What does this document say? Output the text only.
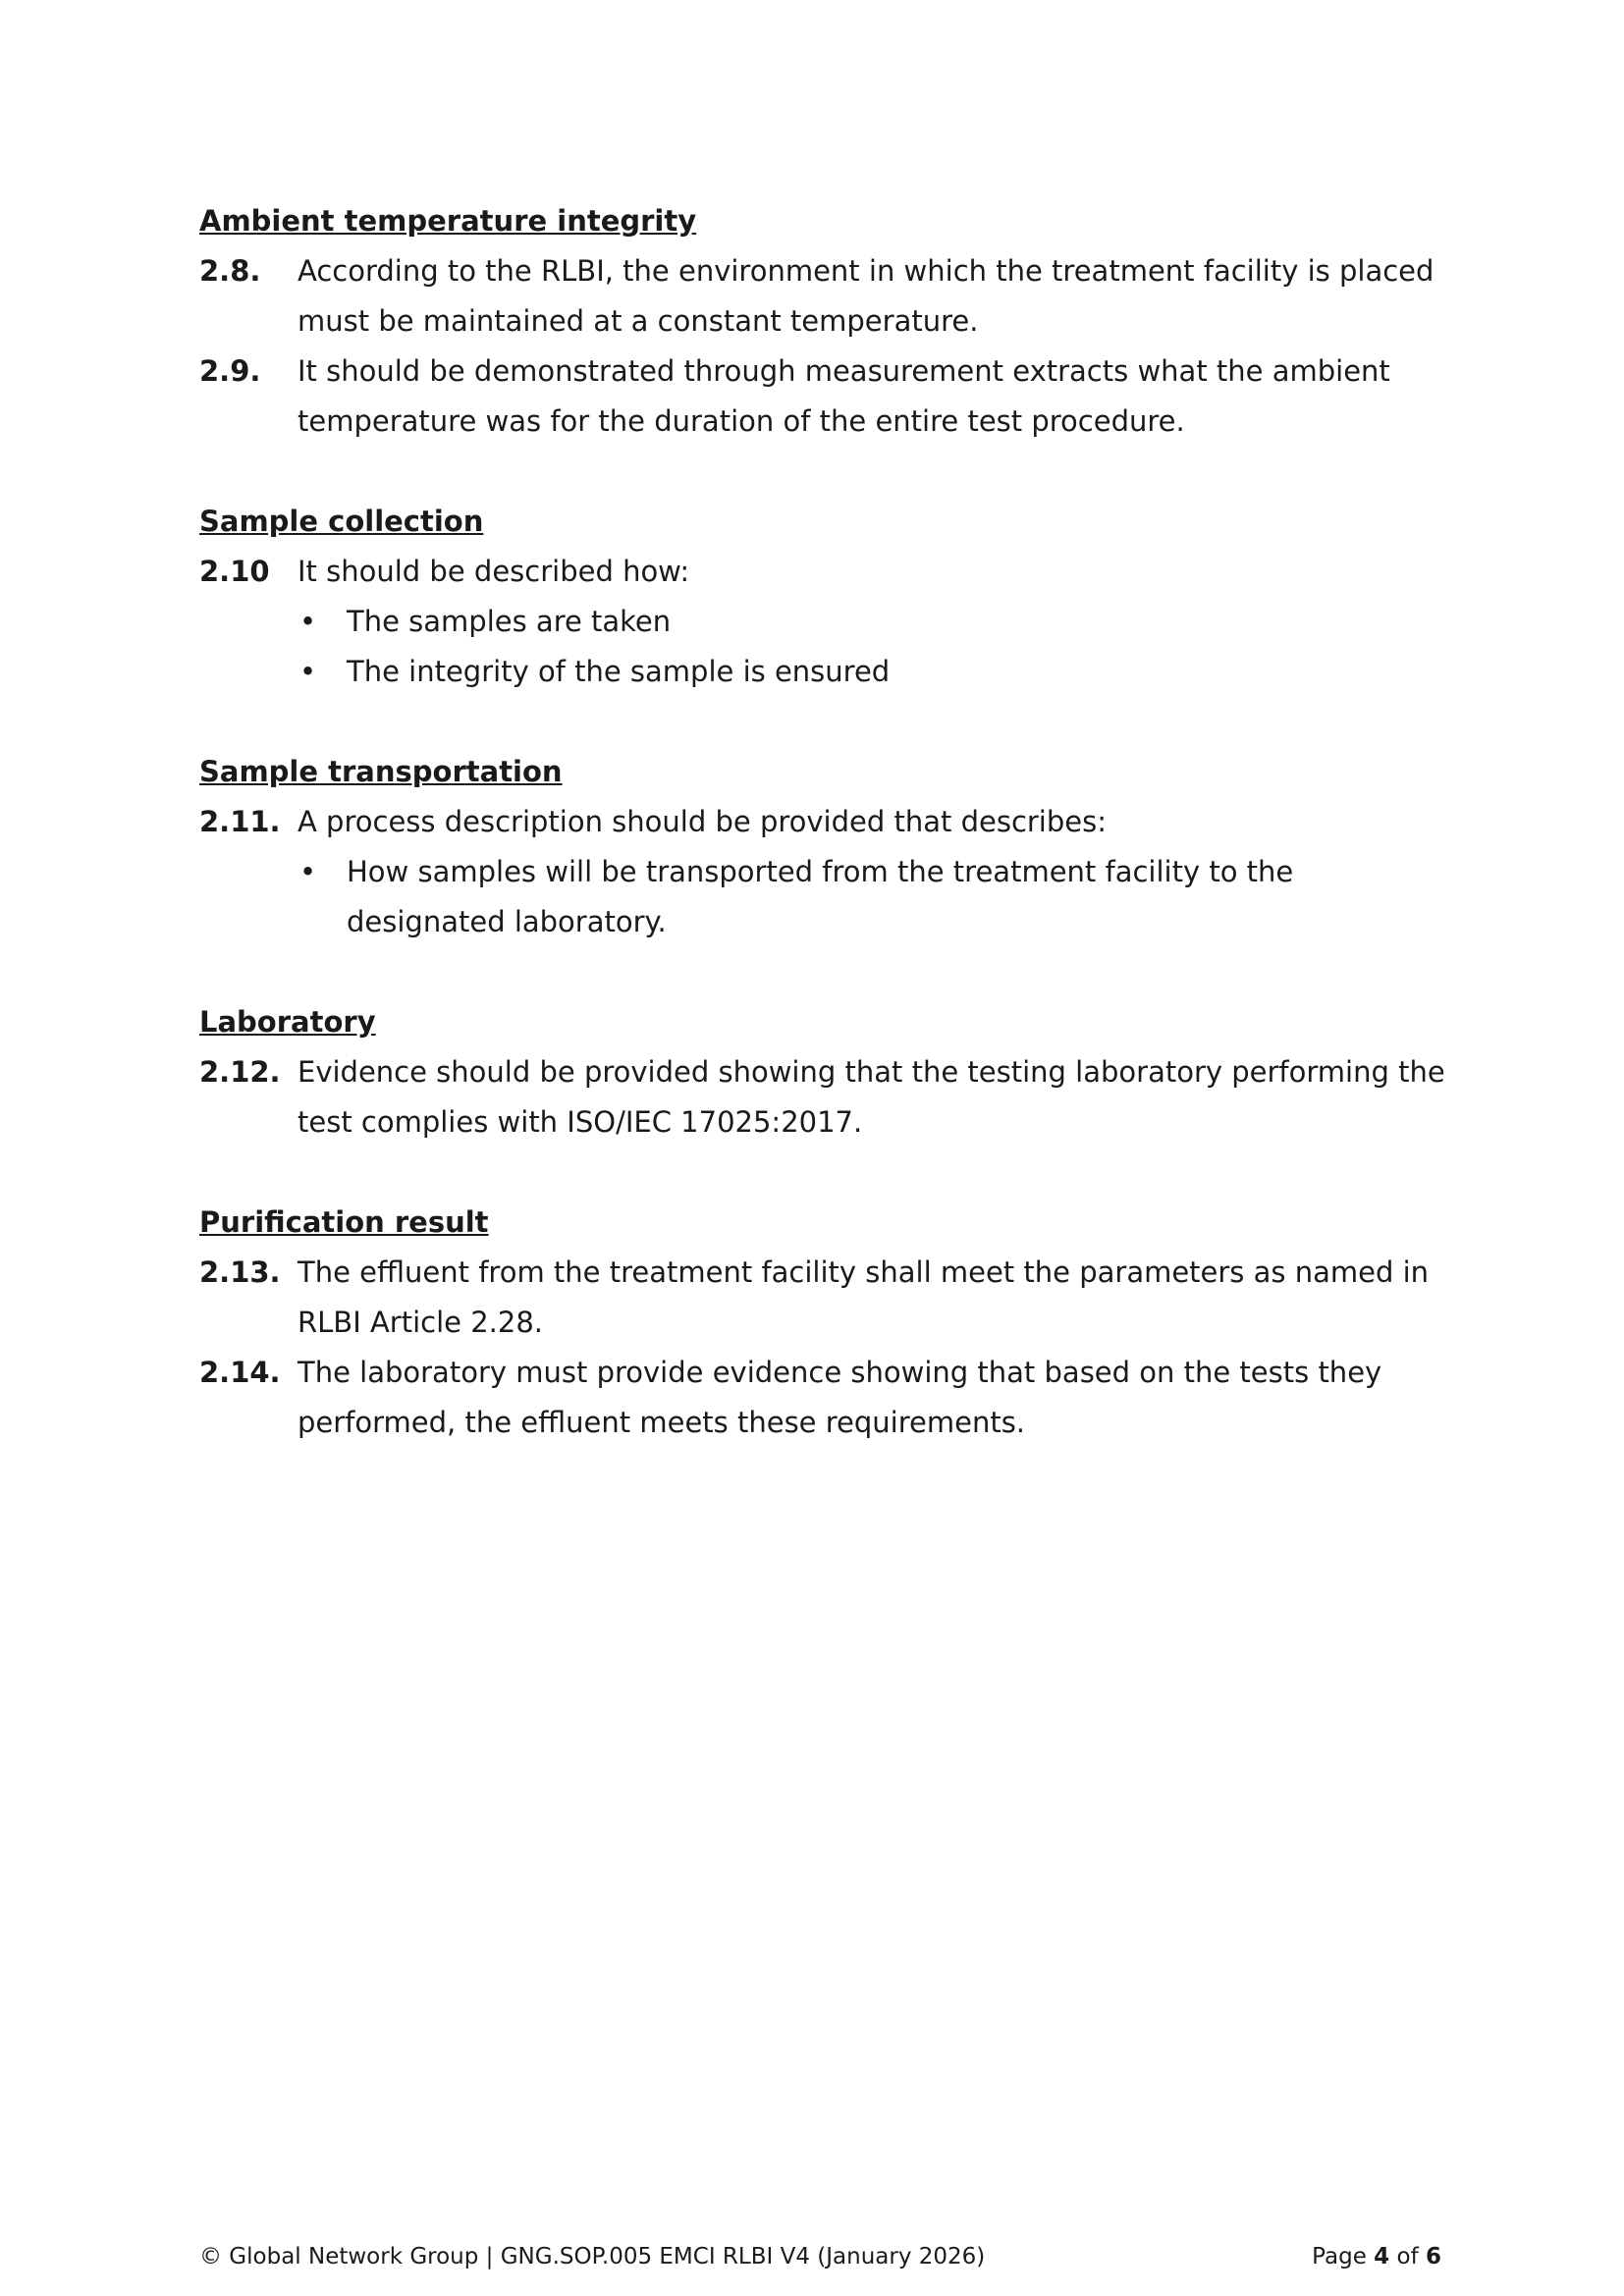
Ambient temperature integrity
2.8.	According to the RLBI, the environment in which the treatment facility is placed must be maintained at a constant temperature.
2.9.	It should be demonstrated through measurement extracts what the ambient temperature was for the duration of the entire test procedure.
Sample collection
2.10 It should be described how:
•	The samples are taken
•	The integrity of the sample is ensured
Sample transportation
2.11. A process description should be provided that describes:
•	How samples will be transported from the treatment facility to the designated laboratory.
Laboratory
2.12. Evidence should be provided showing that the testing laboratory performing the test complies with ISO/IEC 17025:2017.
Purification result
2.13. The effluent from the treatment facility shall meet the parameters as named in RLBI Article 2.28.
2.14. The laboratory must provide evidence showing that based on the tests they performed, the effluent meets these requirements.
© Global Network Group | GNG.SOP.005 EMCI RLBI V4 (January 2026)	Page 4 of 6
